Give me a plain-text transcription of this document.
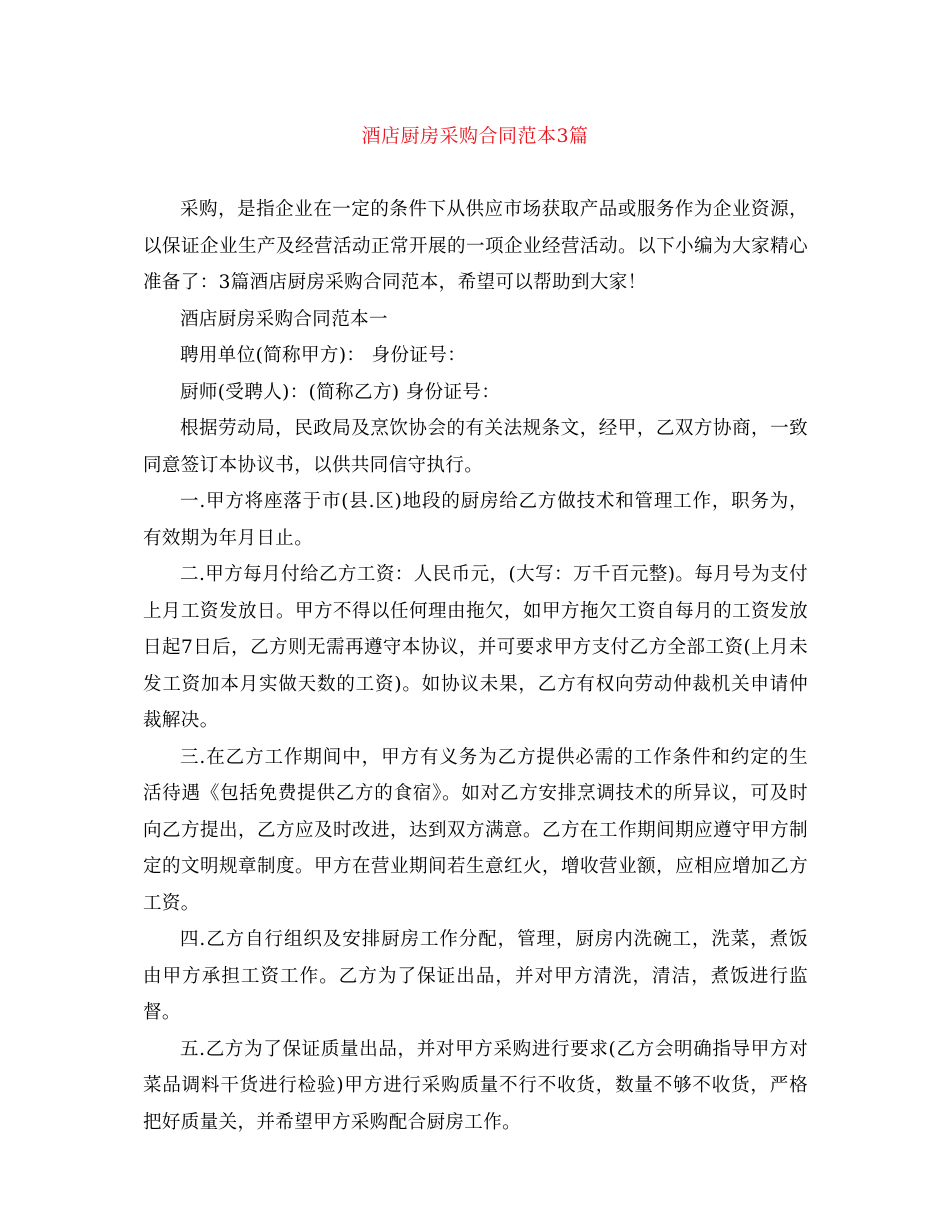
酒店厨房采购合同范本3篇

采购，是指企业在一定的条件下从供应市场获取产品或服务作为企业资源，以保证企业生产及经营活动正常开展的一项企业经营活动。以下小编为大家精心准备了：3篇酒店厨房采购合同范本，希望可以帮助到大家！

酒店厨房采购合同范本一

聘用单位(简称甲方)： 身份证号：

厨师(受聘人)：(简称乙方) 身份证号：

根据劳动局，民政局及烹饮协会的有关法规条文，经甲，乙双方协商，一致同意签订本协议书，以供共同信守执行。

一.甲方将座落于市(县.区)地段的厨房给乙方做技术和管理工作，职务为，有效期为年月日止。

二.甲方每月付给乙方工资：人民币元，(大写：万千百元整)。每月号为支付上月工资发放日。甲方不得以任何理由拖欠，如甲方拖欠工资自每月的工资发放日起7日后，乙方则无需再遵守本协议，并可要求甲方支付乙方全部工资(上月未发工资加本月实做天数的工资)。如协议未果，乙方有权向劳动仲裁机关申请仲裁解决。

三.在乙方工作期间中，甲方有义务为乙方提供必需的工作条件和约定的生活待遇《包括免费提供乙方的食宿》。如对乙方安排烹调技术的所异议，可及时向乙方提出，乙方应及时改进，达到双方满意。乙方在工作期间期应遵守甲方制定的文明规章制度。甲方在营业期间若生意红火，增收营业额，应相应增加乙方工资。

四.乙方自行组织及安排厨房工作分配，管理，厨房内洗碗工，洗菜，煮饭由甲方承担工资工作。乙方为了保证出品，并对甲方清洗，清洁，煮饭进行监督。

五.乙方为了保证质量出品，并对甲方采购进行要求(乙方会明确指导甲方对菜品调料干货进行检验)甲方进行采购质量不行不收货，数量不够不收货，严格把好质量关，并希望甲方采购配合厨房工作。
